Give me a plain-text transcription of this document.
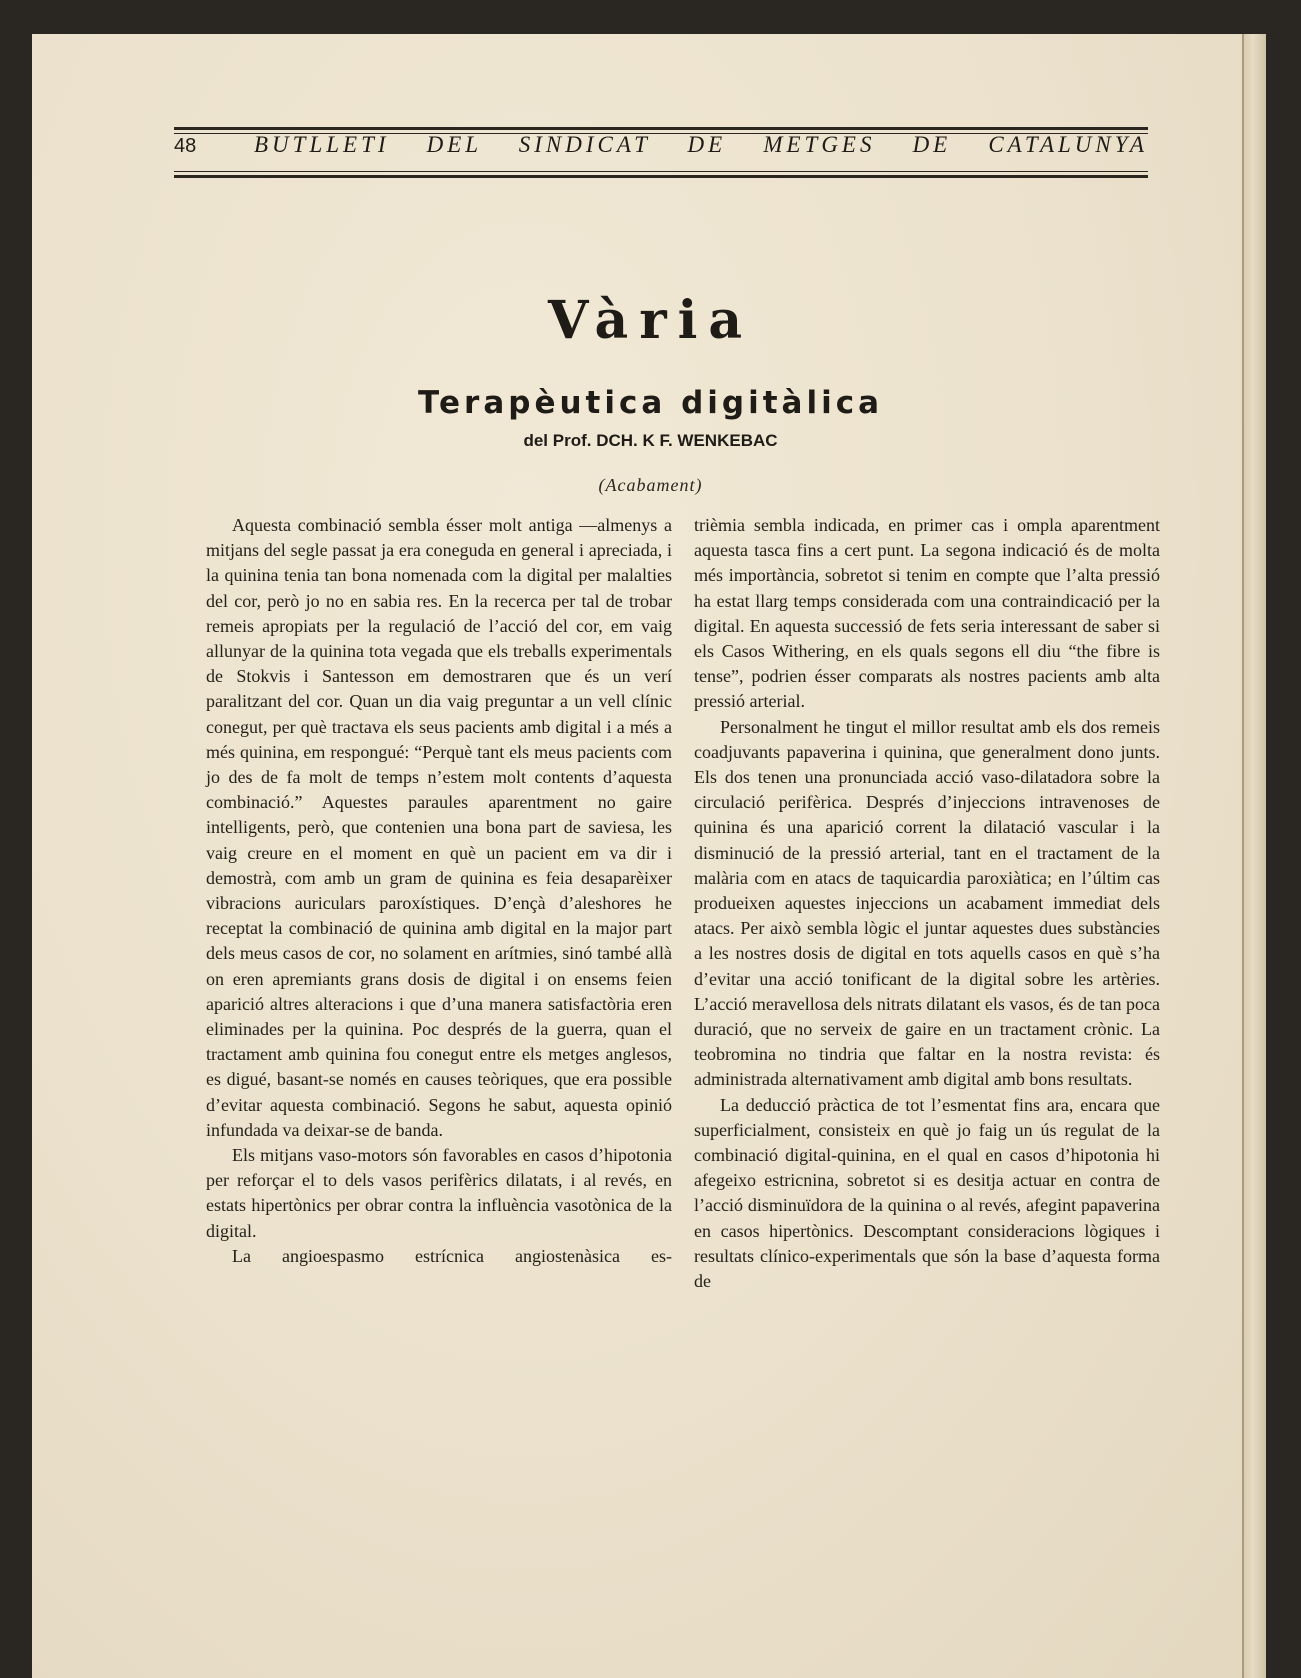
48	BUTLLETI DEL SINDICAT DE METGES DE CATALUNYA
Vària
Terapèutica digitàlica
del Prof. DCH. K F. WENKEBAC
(Acabament)

Aquesta combinació sembla ésser molt antiga —almenys a mitjans del segle passat ja era coneguda en general i apreciada, i la quinina tenia tan bona nomenada com la digital per malalties del cor, però jo no en sabia res. En la recerca per tal de trobar remeis apropiats per la regulació de l’acció del cor, em vaig allunyar de la quinina tota vegada que els treballs experimentals de Stokvis i Santesson em demostraren que és un verí paralitzant del cor. Quan un dia vaig preguntar a un vell clínic conegut, per què tractava els seus pacients amb digital i a més a més quinina, em respongué: “Perquè tant els meus pacients com jo des de fa molt de temps n’estem molt contents d’aquesta combinació.” Aquestes paraules aparentment no gaire intelligents, però, que contenien una bona part de saviesa, les vaig creure en el moment en què un pacient em va dir i demostrà, com amb un gram de quinina es feia desaparèixer vibracions auriculars paroxístiques. D’ençà d’aleshores he receptat la combinació de quinina amb digital en la major part dels meus casos de cor, no solament en arítmies, sinó també allà on eren apremiants grans dosis de digital i on ensems feien aparició altres alteracions i que d’una manera satisfactòria eren eliminades per la quinina. Poc després de la guerra, quan el tractament amb quinina fou conegut entre els metges anglesos, es digué, basant-se només en causes teòriques, que era possible d’evitar aquesta combinació. Segons he sabut, aquesta opinió infundada va deixar-se de banda.

Els mitjans vaso-motors són favorables en casos d’hipotonia per reforçar el to dels vasos perifèrics dilatats, i al revés, en estats hipertònics per obrar contra la influència vasotònica de la digital.

La angioespasmo estrícnica angiostenàsica es-

trièmia sembla indicada, en primer cas i ompla aparentment aquesta tasca fins a cert punt. La segona indicació és de molta més importància, sobretot si tenim en compte que l’alta pressió ha estat llarg temps considerada com una contraindicació per la digital. En aquesta successió de fets seria interessant de saber si els Casos Withering, en els quals segons ell diu “the fibre is tense”, podrien ésser comparats als nostres pacients amb alta pressió arterial.

Personalment he tingut el millor resultat amb els dos remeis coadjuvants papaverina i quinina, que generalment dono junts. Els dos tenen una pronunciada acció vaso-dilatadora sobre la circulació perifèrica. Després d’injeccions intravenoses de quinina és una aparició corrent la dilatació vascular i la disminució de la pressió arterial, tant en el tractament de la malària com en atacs de taquicardia paroxiàtica; en l’últim cas produeixen aquestes injeccions un acabament immediat dels atacs. Per això sembla lògic el juntar aquestes dues substàncies a les nostres dosis de digital en tots aquells casos en què s’ha d’evitar una acció tonificant de la digital sobre les artèries. L’acció meravellosa dels nitrats dilatant els vasos, és de tan poca duració, que no serveix de gaire en un tractament crònic. La teobromina no tindria que faltar en la nostra revista: és administrada alternativament amb digital amb bons resultats.

La deducció pràctica de tot l’esmentat fins ara, encara que superficialment, consisteix en què jo faig un ús regulat de la combinació digital-quinina, en el qual en casos d’hipotonia hi afegeixo estricnina, sobretot si es desitja actuar en contra de l’acció disminuïdora de la quinina o al revés, afegint papaverina en casos hipertònics. Descomptant consideracions lògiques i resultats clínico-experimentals que són la base d’aquesta forma de
